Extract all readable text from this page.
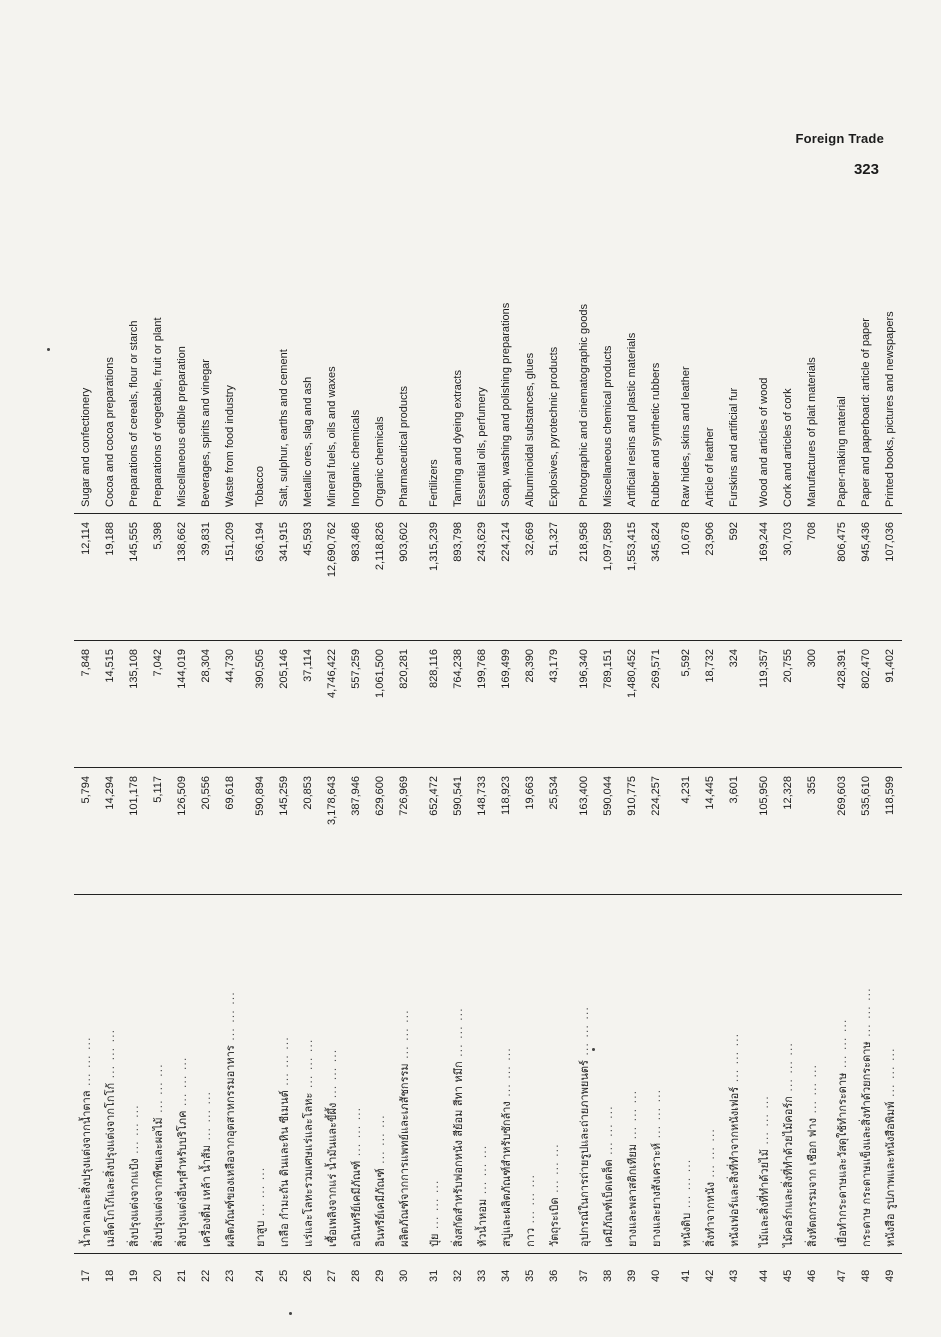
Foreign Trade
323
17	น้ำตาลและสิ่งปรุงแต่งจากน้ำตาล ... ... ...	5,794	7,848	12,114	Sugar and confectionery
18	เมล็ดโกโก้และสิ่งปรุงแต่งจากโกโก้ ... ... ...	14,294	14,515	19,188	Cocoa and cocoa preparations
19	สิ่งปรุงแต่งจากแป้ง ... ... ...	101,178	135,108	145,555	Preparations of cereals, flour or starch
20	สิ่งปรุงแต่งจากพืชและผลไม้ ... ... ...	5,117	7,042	5,398	Preparations of vegetable, fruit or plant
21	สิ่งปรุงแต่งอื่นๆสำหรับบริโภค ... ... ...	126,509	144,019	138,662	Miscellaneous edible preparation
22	เครื่องดื่ม เหล้า น้ำส้ม ... ... ...	20,556	28,304	39,831	Beverages, spirits and vinegar
23	ผลิตภัณฑ์ของเหลือจากอุตสาหกรรมอาหาร ... ... ...	69,618	44,730	151,209	Waste from food industry

24	ยาสูบ ... ... ...	590,894	390,505	636,194	Tobacco
25	เกลือ กำมะถัน ดินและหิน ซีเมนต์ ... ... ...	145,259	205,146	341,915	Salt, sulphur, earths and cement
26	แร่และโลหะรวมเศษแร่และโลหะ ... ... ...	20,853	37,114	45,593	Metallic ores, slag and ash
27	เชื้อเพลิงจากแร่ น้ำมันและขี้ผึ้ง ... ... ...	3,178,643	4,746,422	12,690,762	Mineral fuels, oils and waxes
28	อนินทรีย์เคมีภัณฑ์ ... ... ...	387,946	557,259	983,486	Inorganic chemicals
29	อินทรีย์เคมีภัณฑ์ ... ... ...	629,600	1,061,500	2,118,826	Organic chemicals
30	ผลิตภัณฑ์จากการแพทย์และเภสัชกรรม ... ... ...	726,969	820,281	903,602	Pharmaceutical products

31	ปุ๋ย ... ... ...	652,472	828,116	1,315,239	Fertilizers
32	สิ่งสกัดสำหรับฟอกหนัง สีย้อม สีทา หมึก ... ... ...	590,541	764,238	893,798	Tanning and dyeing extracts
33	หัวน้ำหอม ... ... ...	148,733	199,768	243,629	Essential oils, perfumery
34	สบู่และผลิตภัณฑ์สำหรับซักล้าง ... ... ...	118,923	169,499	224,214	Soap, washing and polishing preparations
35	กาว ... ... ...	19,663	28,390	32,669	Albuminoidal substances, glues
36	วัตถุระเบิด ... ... ...	25,534	43,179	51,327	Explosives, pyrotechnic products

37	อุปกรณ์ในการถ่ายรูปและถ่ายภาพยนตร์ ... ... ...	163,400	196,340	218,958	Photographic and cinematographic goods
38	เคมีภัณฑ์เบ็ดเตล็ด ... ... ...	590,044	789,151	1,097,589	Miscellaneous chemical products
39	ยางและพลาสติกเทียม ... ... ...	910,775	1,480,452	1,553,415	Artificial resins and plastic materials
40	ยางและยางสังเคราะห์ ... ... ...	224,257	269,571	345,824	Rubber and synthetic rubbers

41	หนังดิบ ... ... ...	4,231	5,592	10,678	Raw hides, skins and leather
42	สิ่งทำจากหนัง ... ... ...	14,445	18,732	23,906	Article of leather
43	หนังเฟอร์และสิ่งที่ทำจากหนังเฟอร์ ... ... ...	3,601	324	592	Furskins and artificial fur

44	ไม้และสิ่งที่ทำด้วยไม้ ... ... ...	105,950	119,357	169,244	Wood and articles of wood
45	ไม้คอร์กและสิ่งที่ทำด้วยไม้คอร์ก ... ... ...	12,328	20,755	30,703	Cork and articles of cork
46	สิ่งหัตถกรรมจาก เชือก ฟาง ... ... ...	355	300	708	Manufactures of plait materials

47	เยื่อทำกระดาษและวัสดุใช้ทำกระดาษ ... ... ...	269,603	428,391	806,475	Paper-making material
48	กระดาษ กระดาษแข็งและสิ่งทำด้วยกระดาษ ... ... ...	535,610	802,470	945,436	Paper and paperboard: article of paper
49	หนังสือ รูปภาพและหนังสือพิมพ์ ... ... ...	118,599	91,402	107,036	Printed books, pictures and newspapers
